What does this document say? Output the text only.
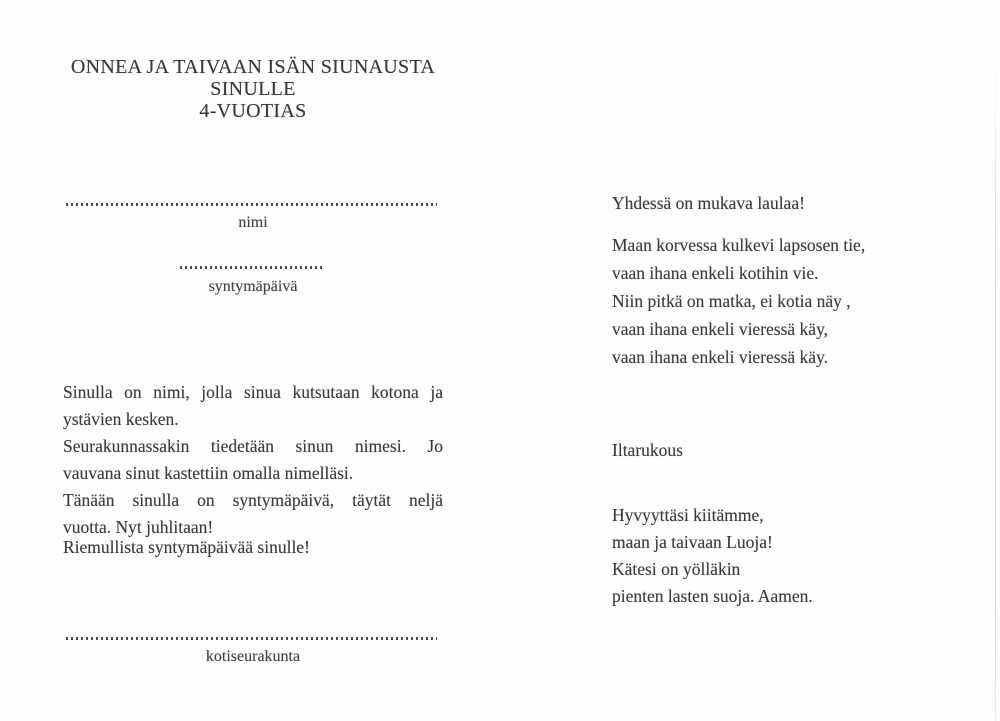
ONNEA JA TAIVAAN ISÄN SIUNAUSTA
SINULLE
4-VUOTIAS
nimi
syntymäpäivä
Sinulla on nimi, jolla sinua kutsutaan kotona ja
ystävien kesken.
Seurakunnassakin tiedetään sinun nimesi. Jo
vauvana sinut kastettiin omalla nimelläsi.
Tänään sinulla on syntymäpäivä, täytät neljä
vuotta. Nyt juhlitaan!
Riemullista syntymäpäivää sinulle!
kotiseurakunta
Yhdessä on mukava laulaa!
Maan korvessa kulkevi lapsosen tie,
vaan ihana enkeli kotihin vie.
Niin pitkä on matka, ei kotia näy ,
vaan ihana enkeli vieressä käy,
vaan ihana enkeli vieressä käy.
Iltarukous
Hyvyyttäsi kiitämme,
maan ja taivaan Luoja!
Kätesi on yölläkin
pienten lasten suoja. Aamen.
